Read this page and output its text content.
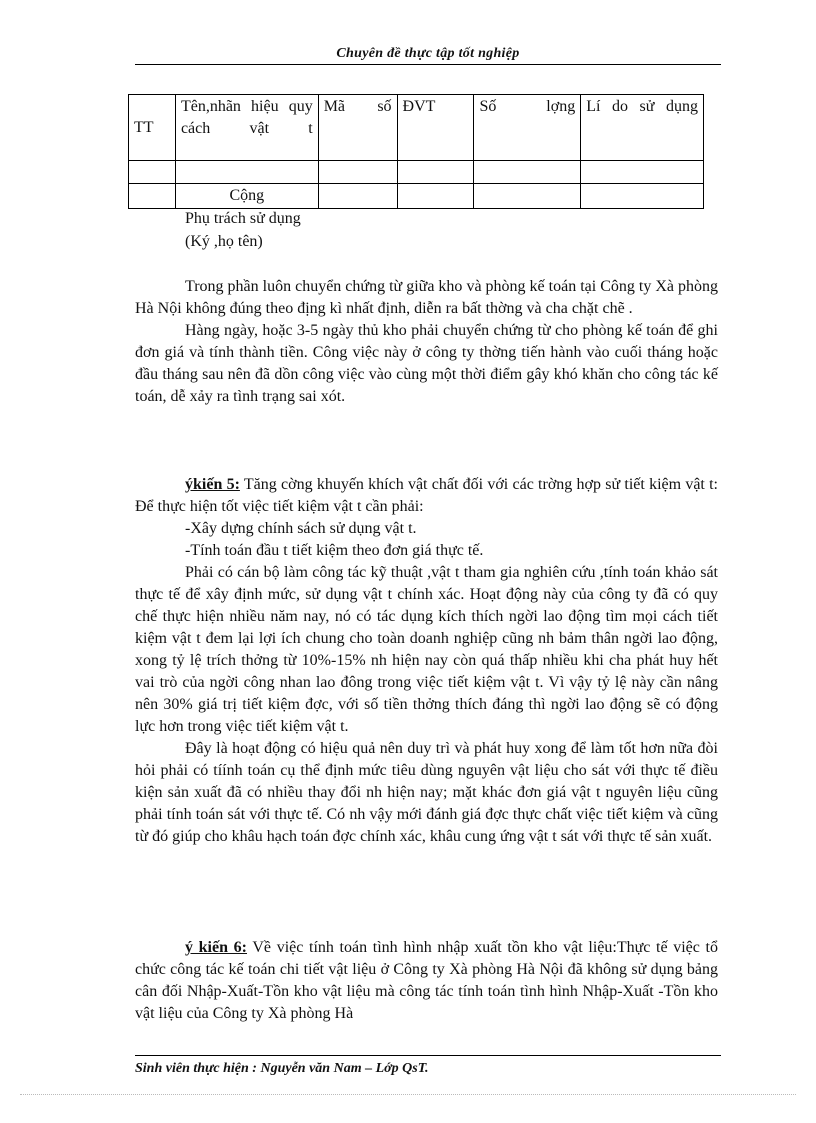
Chuyên đề thực tập tốt nghiệp
TT	Tên,nhãn hiệu quy cách vật t	Mã số	ĐVT	Số lợng	Lí do sử dụng

	Cộng				
Phụ trách sử dụng
(Ký ,họ tên)

Trong phần luôn chuyển chứng từ giữa kho và phòng kế toán tại Công ty Xà phòng Hà Nội không đúng theo địng kì nhất định, diễn ra bất thờng và cha chặt chẽ .

Hàng ngày, hoặc 3-5 ngày thủ kho phải chuyển chứng từ cho phòng kế toán để ghi đơn giá và tính thành tiền. Công việc này ở công ty thờng tiến hành vào cuối tháng hoặc đầu tháng sau nên đã dồn công việc vào cùng một thời điểm gây khó khăn cho công tác kế toán, dễ xảy ra tình trạng sai xót.

ýkiến 5: Tăng cờng khuyến khích vật chất đối với các trờng hợp sử tiết kiệm vật t: Để thực hiện tốt việc tiết kiệm vật t cần phải:

-Xây dựng chính sách sử dụng vật t.

-Tính toán đầu t tiết kiệm theo đơn giá thực tế.

Phải có cán bộ làm công tác kỹ thuật ,vật t tham gia nghiên cứu ,tính toán khảo sát thực tế để xây định mức, sử dụng vật t chính xác. Hoạt động này của công ty đã có quy chế thực hiện nhiều năm nay, nó có tác dụng kích thích ngời lao động tìm mọi cách tiết kiệm vật t đem lại lợi ích chung cho toàn doanh nghiệp cũng nh bảm thân ngời lao động, xong tỷ lệ trích thởng từ 10%-15% nh hiện nay còn quá thấp nhiều khi cha phát huy hết vai trò của ngời công nhan lao đông trong việc tiết kiệm vật t. Vì vậy tỷ lệ này cần nâng nên 30% giá trị tiết kiệm đợc, với số tiền thởng thích đáng thì ngời lao động sẽ có động lực hơn trong việc tiết kiệm vật t.

Đây là hoạt động có hiệu quả nên duy trì và phát huy xong để làm tốt hơn nữa đòi hỏi phải có tíính toán cụ thể định mức tiêu dùng nguyên vật liệu cho sát với thực tế điều kiện sản xuất đã có nhiều thay đổi nh hiện nay; mặt khác đơn giá vật t nguyên liệu cũng phải tính toán sát với thực tế. Có nh vậy mới đánh giá đợc thực chất việc tiết kiệm và cũng từ đó giúp cho khâu hạch toán đợc chính xác, khâu cung ứng vật t sát với thực tế sản xuất.

ý kiến 6: Về việc tính toán tình hình nhập xuất tồn kho vật liệu:Thực tế việc tổ chức công tác kế toán chi tiết vật liệu ở Công ty Xà phòng Hà Nội đã không sử dụng bảng cân đối Nhập-Xuất-Tồn kho vật liệu mà công tác tính toán tình hình Nhập-Xuất -Tồn kho vật liệu của Công ty Xà phòng Hà

Sinh viên thực hiện : Nguyễn văn Nam – Lớp QsT.
